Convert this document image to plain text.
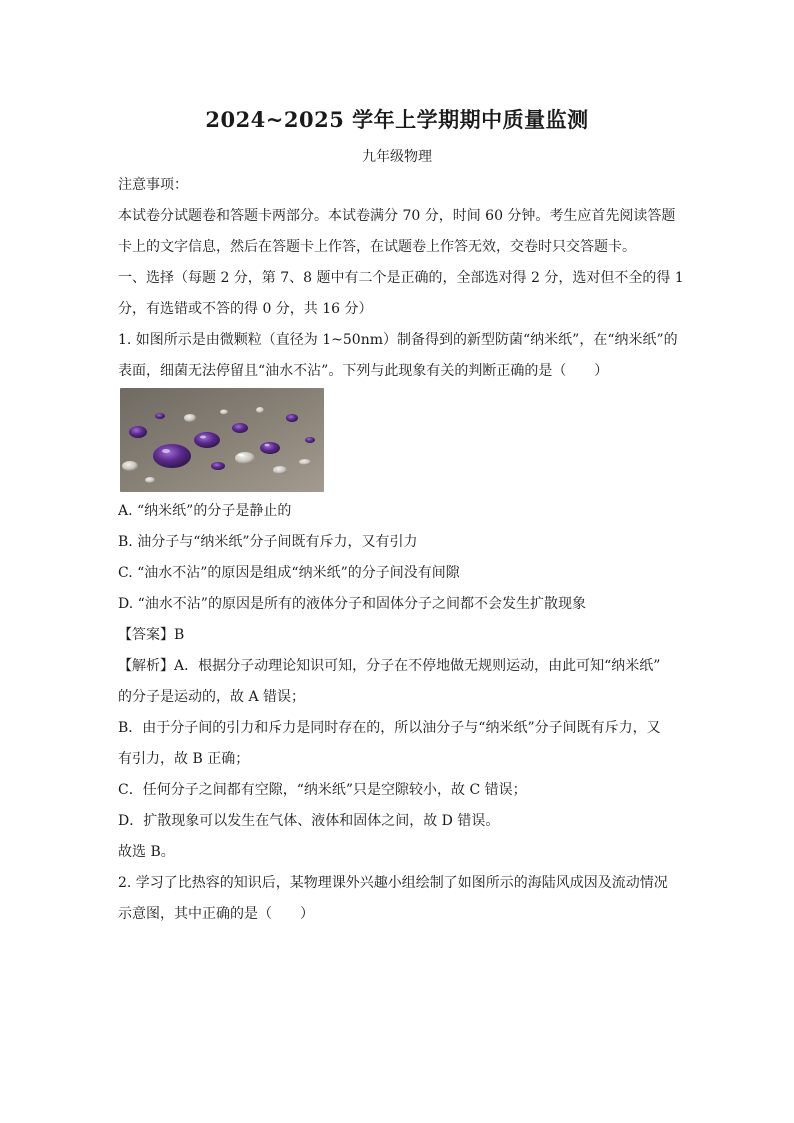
2024~2025 学年上学期期中质量监测
九年级物理
注意事项：
本试卷分试题卷和答题卡两部分。本试卷满分 70 分，时间 60 分钟。考生应首先阅读答题
卡上的文字信息，然后在答题卡上作答，在试题卷上作答无效，交卷时只交答题卡。
一、选择（每题 2 分，第 7、8 题中有二个是正确的，全部选对得 2 分，选对但不全的得 1
分，有选错或不答的得 0 分，共 16 分）
1. 如图所示是由微颗粒（直径为 1~50nm）制备得到的新型防菌“纳米纸”，在“纳米纸”的
表面，细菌无法停留且“油水不沾”。下列与此现象有关的判断正确的是（　　）
A. “纳米纸”的分子是静止的
B. 油分子与“纳米纸”分子间既有斥力，又有引力
C. “油水不沾”的原因是组成“纳米纸”的分子间没有间隙
D. “油水不沾”的原因是所有的液体分子和固体分子之间都不会发生扩散现象
【答案】B
【解析】A．根据分子动理论知识可知，分子在不停地做无规则运动，由此可知“纳米纸”
的分子是运动的，故 A 错误；
B．由于分子间的引力和斥力是同时存在的，所以油分子与“纳米纸”分子间既有斥力，又
有引力，故 B 正确；
C．任何分子之间都有空隙，“纳米纸”只是空隙较小，故 C 错误；
D．扩散现象可以发生在气体、液体和固体之间，故 D 错误。
故选 B。
2. 学习了比热容的知识后，某物理课外兴趣小组绘制了如图所示的海陆风成因及流动情况
示意图，其中正确的是（　　）
